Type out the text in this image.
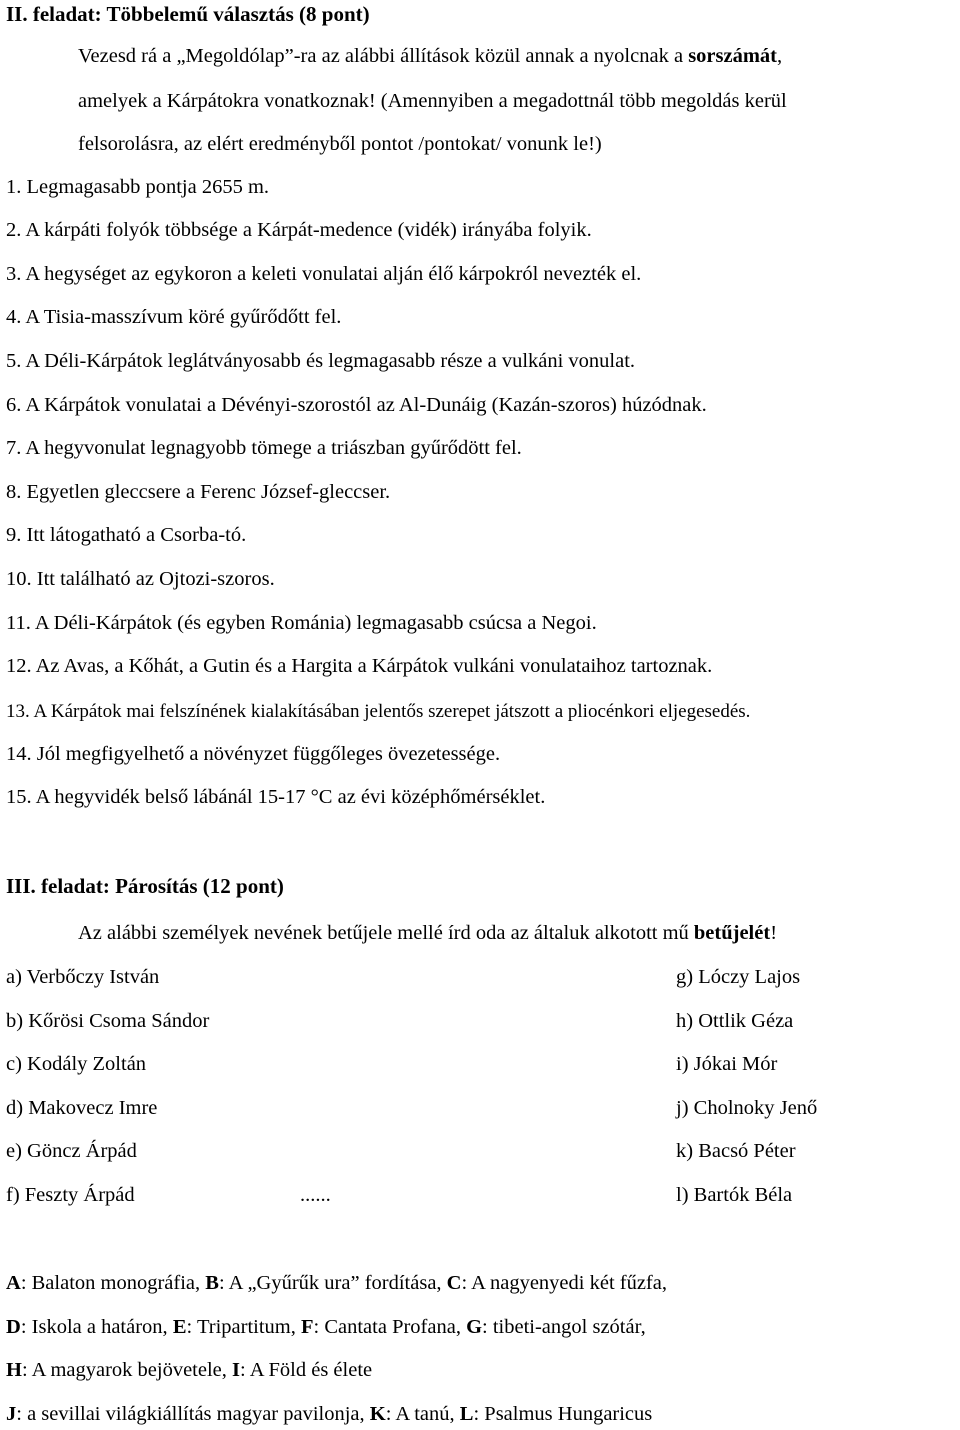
II. feladat: Többelemű választás (8 pont)
Vezesd rá a „Megoldólap”-ra az alábbi állítások közül annak a nyolcnak a sorszámát,
amelyek a Kárpátokra vonatkoznak! (Amennyiben a megadottnál több megoldás kerül
felsorolásra, az elért eredményből pontot /pontokat/ vonunk le!)
1. Legmagasabb pontja 2655 m.
2. A kárpáti folyók többsége a Kárpát-medence (vidék) irányába folyik.
3. A hegységet az egykoron a keleti vonulatai alján élő kárpokról nevezték el.
4. A Tisia-masszívum köré gyűrődőtt fel.
5. A Déli-Kárpátok leglátványosabb és legmagasabb része a vulkáni vonulat.
6. A Kárpátok vonulatai a Dévényi-szorostól az Al-Dunáig (Kazán-szoros) húzódnak.
7. A hegyvonulat legnagyobb tömege a triászban gyűrődött fel.
8. Egyetlen gleccsere a Ferenc József-gleccser.
9. Itt látogatható a Csorba-tó.
10. Itt található az Ojtozi-szoros.
11. A Déli-Kárpátok (és egyben Románia) legmagasabb csúcsa a Negoi.
12. Az Avas, a Kőhát, a Gutin és a Hargita a Kárpátok vulkáni vonulataihoz tartoznak.
13. A Kárpátok mai felszínének kialakításában jelentős szerepet játszott a pliocénkori eljegesedés.
14. Jól megfigyelhető a növényzet függőleges övezetessége.
15. A hegyvidék belső lábánál 15-17 °C az évi középhőmérséklet.
III. feladat: Párosítás (12 pont)
Az alábbi személyek nevének betűjele mellé írd oda az általuk alkotott mű betűjelét!
a) Verbőczy István	g) Lóczy Lajos
b) Kőrösi Csoma Sándor	h) Ottlik Géza
c) Kodály Zoltán	i) Jókai Mór
d) Makovecz Imre	j) Cholnoky Jenő
e) Göncz Árpád	k) Bacsó Péter
f) Feszty Árpád	......	l) Bartók Béla
A: Balaton monográfia, B: A „Gyűrűk ura” fordítása, C: A nagyenyedi két fűzfa,
D: Iskola a határon, E: Tripartitum, F: Cantata Profana, G: tibeti-angol szótár,
H: A magyarok bejövetele, I: A Föld és élete
J: a sevillai világkiállítás magyar pavilonja, K: A tanú, L: Psalmus Hungaricus
